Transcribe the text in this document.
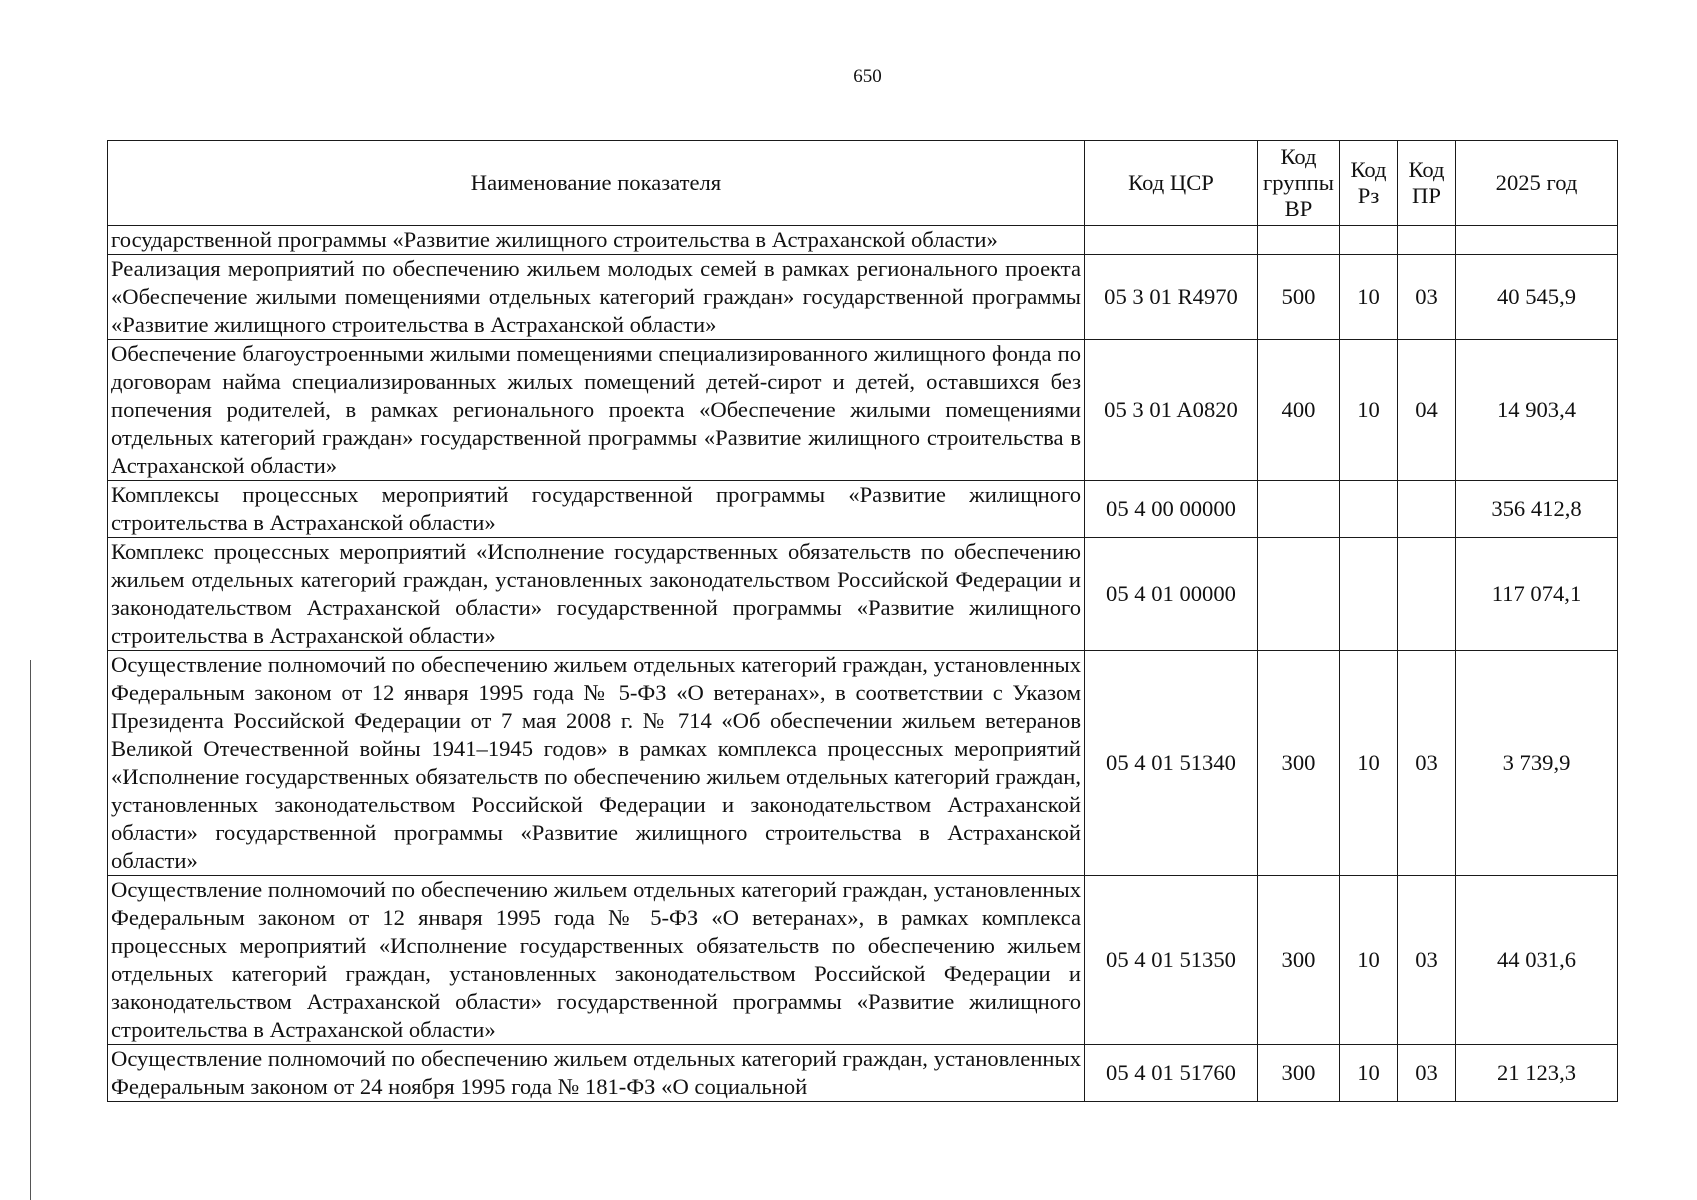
650
Наименование показателя	Код ЦСР	Код группы ВР	Код Рз	Код ПР	2025 год
государственной программы «Развитие жилищного строительства в Астраханской области»					
Реализация мероприятий по обеспечению жильем молодых семей в рамках регионального проекта «Обеспечение жилыми помещениями отдельных категорий граждан» государственной программы «Развитие жилищного строительства в Астраханской области»	05 3 01 R4970	500	10	03	40 545,9
Обеспечение благоустроенными жилыми помещениями специализированного жилищного фонда по договорам найма специализированных жилых помещений детей-сирот и детей, оставшихся без попечения родителей, в рамках регионального проекта «Обеспечение жилыми помещениями отдельных категорий граждан» государственной программы «Развитие жилищного строительства в Астраханской области»	05 3 01 A0820	400	10	04	14 903,4
Комплексы процессных мероприятий государственной программы «Развитие жилищного строительства в Астраханской области»	05 4 00 00000				356 412,8
Комплекс процессных мероприятий «Исполнение государственных обязательств по обеспечению жильем отдельных категорий граждан, установленных законодательством Российской Федерации и законодательством Астраханской области» государственной программы «Развитие жилищного строительства в Астраханской области»	05 4 01 00000				117 074,1
Осуществление полномочий по обеспечению жильем отдельных категорий граждан, установленных Федеральным законом от 12 января 1995 года № 5-ФЗ «О ветеранах», в соответствии с Указом Президента Российской Федерации от 7 мая 2008 г. № 714 «Об обеспечении жильем ветеранов Великой Отечественной войны 1941–1945 годов» в рамках комплекса процессных мероприятий «Исполнение государственных обязательств по обеспечению жильем отдельных категорий граждан, установленных законодательством Российской Федерации и законодательством Астраханской области» государственной программы «Развитие жилищного строительства в Астраханской области»	05 4 01 51340	300	10	03	3 739,9
Осуществление полномочий по обеспечению жильем отдельных категорий граждан, установленных Федеральным законом от 12 января 1995 года № 5-ФЗ «О ветеранах», в рамках комплекса процессных мероприятий «Исполнение государственных обязательств по обеспечению жильем отдельных категорий граждан, установленных законодательством Российской Федерации и законодательством Астраханской области» государственной программы «Развитие жилищного строительства в Астраханской области»	05 4 01 51350	300	10	03	44 031,6
Осуществление полномочий по обеспечению жильем отдельных категорий граждан, установленных Федеральным законом от 24 ноября 1995 года № 181-ФЗ «О социальной	05 4 01 51760	300	10	03	21 123,3
